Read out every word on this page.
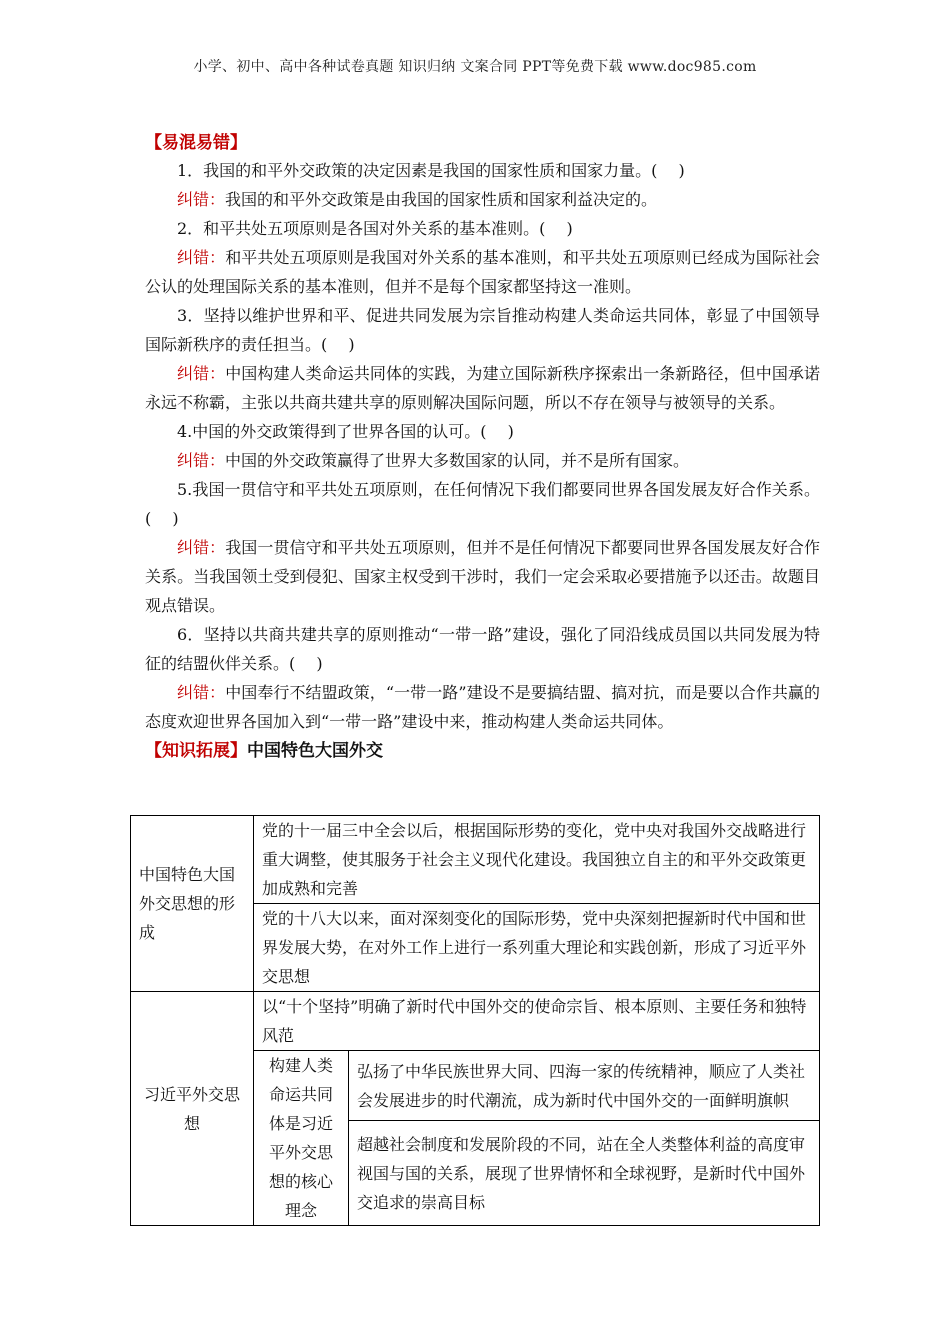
小学、初中、高中各种试卷真题 知识归纳 文案合同 PPT等免费下载 www.doc985.com
【易混易错】

1．我国的和平外交政策的决定因素是我国的国家性质和国家力量。(　 )

纠错：我国的和平外交政策是由我国的国家性质和国家利益决定的。

2．和平共处五项原则是各国对外关系的基本准则。(　 )

纠错：和平共处五项原则是我国对外关系的基本准则，和平共处五项原则已经成为国际社会公认的处理国际关系的基本准则，但并不是每个国家都坚持这一准则。

3．坚持以维护世界和平、促进共同发展为宗旨推动构建人类命运共同体，彰显了中国领导国际新秩序的责任担当。(　 )

纠错：中国构建人类命运共同体的实践，为建立国际新秩序探索出一条新路径，但中国承诺永远不称霸，主张以共商共建共享的原则解决国际问题，所以不存在领导与被领导的关系。

4.中国的外交政策得到了世界各国的认可。(　 )

纠错：中国的外交政策赢得了世界大多数国家的认同，并不是所有国家。

5.我国一贯信守和平共处五项原则，在任何情况下我们都要同世界各国发展友好合作关系。(　 )

纠错：我国一贯信守和平共处五项原则，但并不是任何情况下都要同世界各国发展友好合作关系。当我国领土受到侵犯、国家主权受到干涉时，我们一定会采取必要措施予以还击。故题目观点错误。

6．坚持以共商共建共享的原则推动“一带一路”建设，强化了同沿线成员国以共同发展为特征的结盟伙伴关系。(　 )

纠错：中国奉行不结盟政策，“一带一路”建设不是要搞结盟、搞对抗，而是要以合作共赢的态度欢迎世界各国加入到“一带一路”建设中来，推动构建人类命运共同体。

【知识拓展】中国特色大国外交
中国特色大国外交思想的形成
	党的十一届三中全会以后，根据国际形势的变化，党中央对我国外交战略进行重大调整，使其服务于社会主义现代化建设。我国独立自主的和平外交政策更加成熟和完善
党的十八大以来，面对深刻变化的国际形势，党中央深刻把握新时代中国和世界发展大势，在对外工作上进行一系列重大理论和实践创新，形成了习近平外交思想

习近平外交思想
	以“十个坚持”明确了新时代中国外交的使命宗旨、根本原则、主要任务和独特风范

构建人类命运共同体是习近平外交思想的核心理念	弘扬了中华民族世界大同、四海一家的传统精神，顺应了人类社会发展进步的时代潮流，成为新时代中国外交的一面鲜明旗帜
超越社会制度和发展阶段的不同，站在全人类整体利益的高度审视国与国的关系，展现了世界情怀和全球视野，是新时代中国外交追求的崇高目标
